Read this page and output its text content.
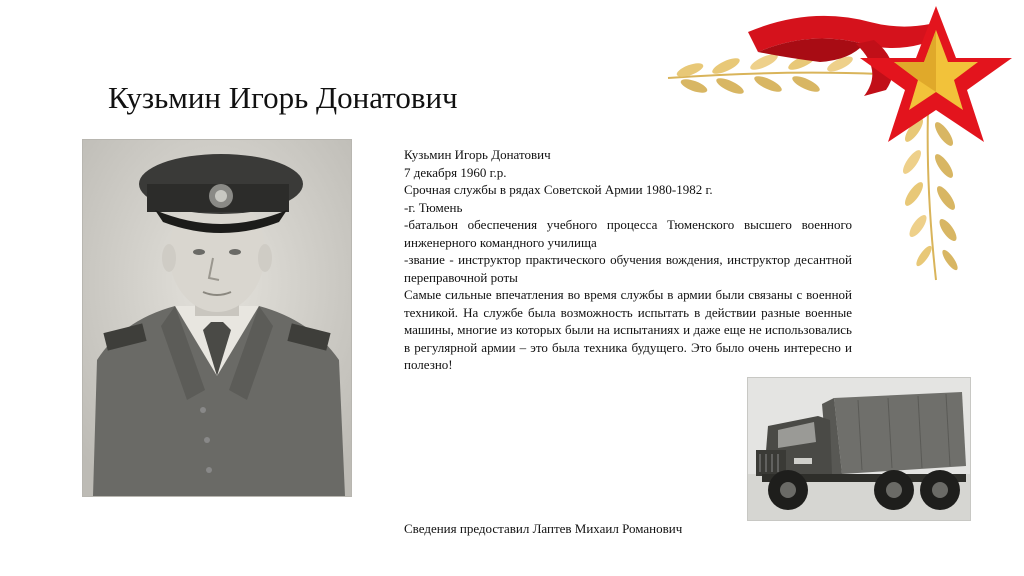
Кузьмин Игорь Донатович
Кузьмин Игорь Донатович
7 декабря 1960 г.р.
Срочная службы в рядах Советской Армии 1980-1982 г.
-г. Тюмень
-батальон обеспечения учебного процесса Тюменского высшего военного инженерного командного училища
-звание - инструктор практического обучения вождения, инструктор десантной переправочной роты
Самые сильные впечатления во время службы в армии были связаны с военной техникой. На службе была возможность испытать в действии разные военные машины, многие из которых были на испытаниях и даже еще не использовались в регулярной армии – это была техника будущего. Это было очень интересно и полезно!
Сведения предоставил Лаптев Михаил Романович
